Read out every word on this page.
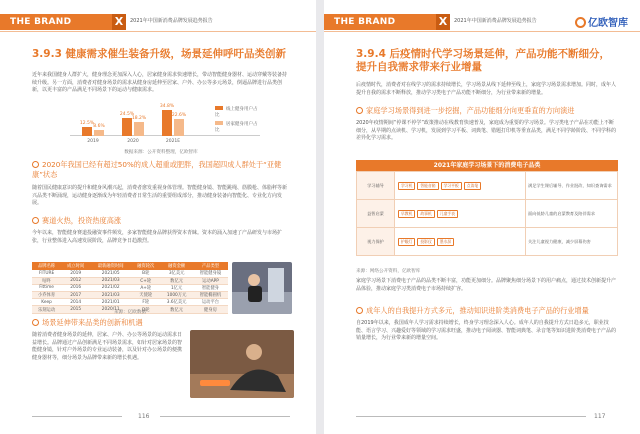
THE BRAND	X	2021年中国新消费品牌发展趋势报告
3.9.3 健康需求催生装备升级，场景延伸呼吁品类创新
近年来我国健身人群扩大，健身理念更加深入人心，居家健身需求快速增长，带动智能健身器材、运动穿戴等装备持续升级。另一方面，消费者对健身场景的需求从健身房延伸至居家、户外、办公等多元场景，倒逼品牌进行品类创新，以更丰富的产品满足不同场景下的运动与健康需求。
线上健身用户占比
居家健身用户占比
12.5%
8.6%
2019
24.5%
18.2%
2020
34.8%
22.6%
2021E
数据来源：公开资料整理，亿欧智库
2020年我国已经有超过50%的成人超重或肥胖，我国超四成人群处于“亚健康”状态
随着国民健康意识的提升和健身风潮兴起，消费者愈发重视身体管理。智能健身镜、智能跳绳、筋膜枪、体脂秤等新兴品类不断涌现，运动健身逐渐成为年轻消费者日常生活的重要组成部分，推动健身装备向智能化、专业化方向发展。
赛道火热，投资热度高涨
今年以来，智能健身赛道投融资事件频发，多家智能健身品牌获得资本青睐。资本的涌入加速了产品研发与市场扩张，行业整体进入高速发展阶段，品牌竞争日趋激烈。
品牌名称	成立时间	最新融资时间	融资轮次	融资金额	产品类型
FITURE	2019	2021/05	B轮	3亿美元	智能健身镜
咕咚	2012	2021/03	C+轮	数亿元	运动APP
Fittime	2016	2021/02	A+轮	1亿元	智能健身
小乔体育	2017	2021/03	天使轮	1000万元	智能椭圆机
Keep	2014	2021/01	F轮	3.6亿美元	运动平台
乐刻运动	2015	2020/11	D轮	数亿元	健身房
来源：亿欧数据
场景延伸带来品类的创新和机遇
随着消费者健身场景的延伸，居家、户外、办公等场景的运动需求日益增长。品牌通过产品创新满足不同场景需求，如针对居家场景的智能健身镜，针对户外场景的专业运动装备，以及针对办公场景的便携健身器材等，细分场景为品牌带来新的增长机遇。
116
THE BRAND	X	2021年中国新消费品牌发展趋势报告	亿欧智库
3.9.4 后疫情时代学习场景延伸，产品功能不断细分，提升自我需求带来行业增量
后疫情时代，消费者对在线学习的需求持续增长，学习场景从线下延伸至线上，家庭学习场景需求增加。同时，成年人提升自我的需求不断释放，推动学习类电子产品功能不断细分，为行业带来新的增量。
家庭学习场景得到进一步挖掘，产品功能细分向更垂直的方向演进
2020年疫情期间“停课不停学”政策推动在线教育快速普及，家庭成为重要的学习场景。学习类电子产品在功能上不断细分，从早期的点读机、学习机，发展到学习平板、词典笔、错题打印机等垂直品类，满足不同学龄阶段、不同学科的差异化学习需求。
2021年家庭学习场景下的消费电子品类
学习辅导	学习机 智能音箱 学习平板 点读笔	满足学生课后辅导、作业批改、知识查询需求
益智启蒙	早教机 故事机 儿童手表	面向低龄儿童的启蒙教育及陪伴需求
视力保护	护眼灯 投影仪 墨水屏	关注儿童视力健康，减少屏幕伤害
来源：网络公开资料，亿欧智库
家庭学习场景下消费电子产品的品类不断丰富，功能更加细分。品牌聚焦细分场景下的用户痛点，通过技术创新提升产品体验，推动家庭学习类消费电子市场持续扩容。
成年人的自我提升方式多元，推动知识进阶类消费电子产品的行业增量
自2019年以来，我国成年人学习需求持续增长，终身学习理念深入人心。成年人的自我提升方式日趋多元，职业技能、语言学习、兴趣爱好等领域的学习需求旺盛，推动电子阅读器、智能词典笔、录音笔等知识进阶类消费电子产品的销量增长，为行业带来新的增量空间。
117
